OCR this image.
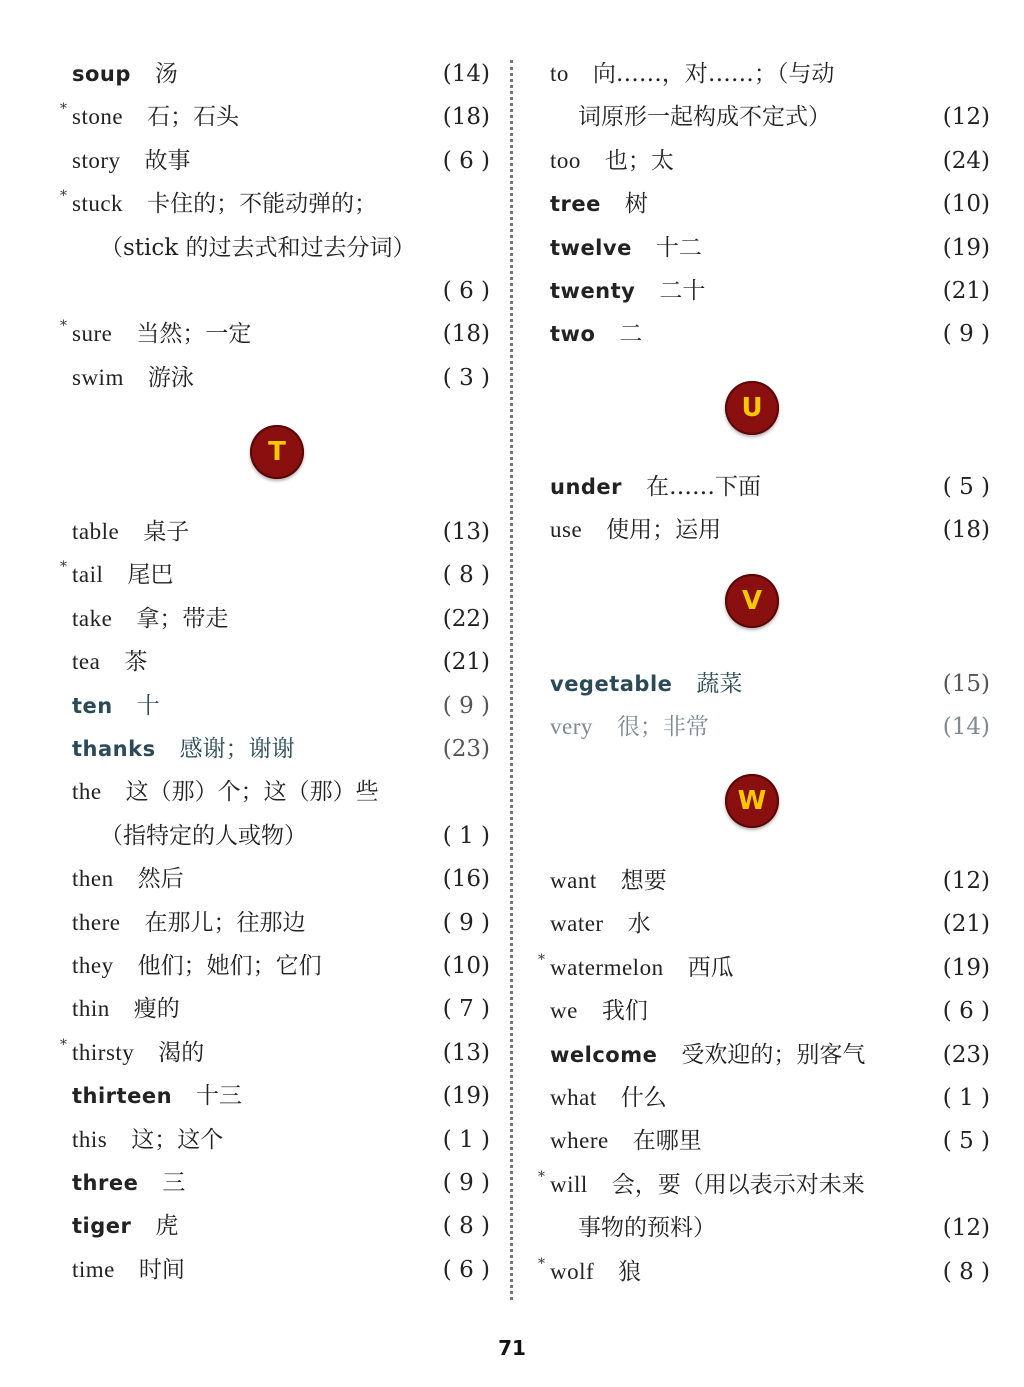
soup 汤	(14)
* stone 石；石头	(18)
story 故事	( 6 )
* stuck 卡住的；不能动弹的；
（stick 的过去式和过去分词）
( 6 )
* sure 当然；一定	(18)
swim 游泳	( 3 )
T
table 桌子	(13)
* tail 尾巴	( 8 )
take 拿；带走	(22)
tea 茶	(21)
ten 十	( 9 )
thanks 感谢；谢谢	(23)
the 这（那）个；这（那）些
（指特定的人或物）	( 1 )
then 然后	(16)
there 在那儿；往那边	( 9 )
they 他们；她们；它们	(10)
thin 瘦的	( 7 )
* thirsty 渴的	(13)
thirteen 十三	(19)
this 这；这个	( 1 )
three 三	( 9 )
tiger 虎	( 8 )
time 时间	( 6 )
to 向……，对……；（与动
词原形一起构成不定式）	(12)
too 也；太	(24)
tree 树	(10)
twelve 十二	(19)
twenty 二十	(21)
two 二	( 9 )
U
under 在……下面	( 5 )
use 使用；运用	(18)
V
vegetable 蔬菜	(15)
very 很；非常	(14)
W
want 想要	(12)
water 水	(21)
* watermelon 西瓜	(19)
we 我们	( 6 )
welcome 受欢迎的；别客气	(23)
what 什么	( 1 )
where 在哪里	( 5 )
* will 会，要（用以表示对未来
事物的预料）	(12)
* wolf 狼	( 8 )
71
